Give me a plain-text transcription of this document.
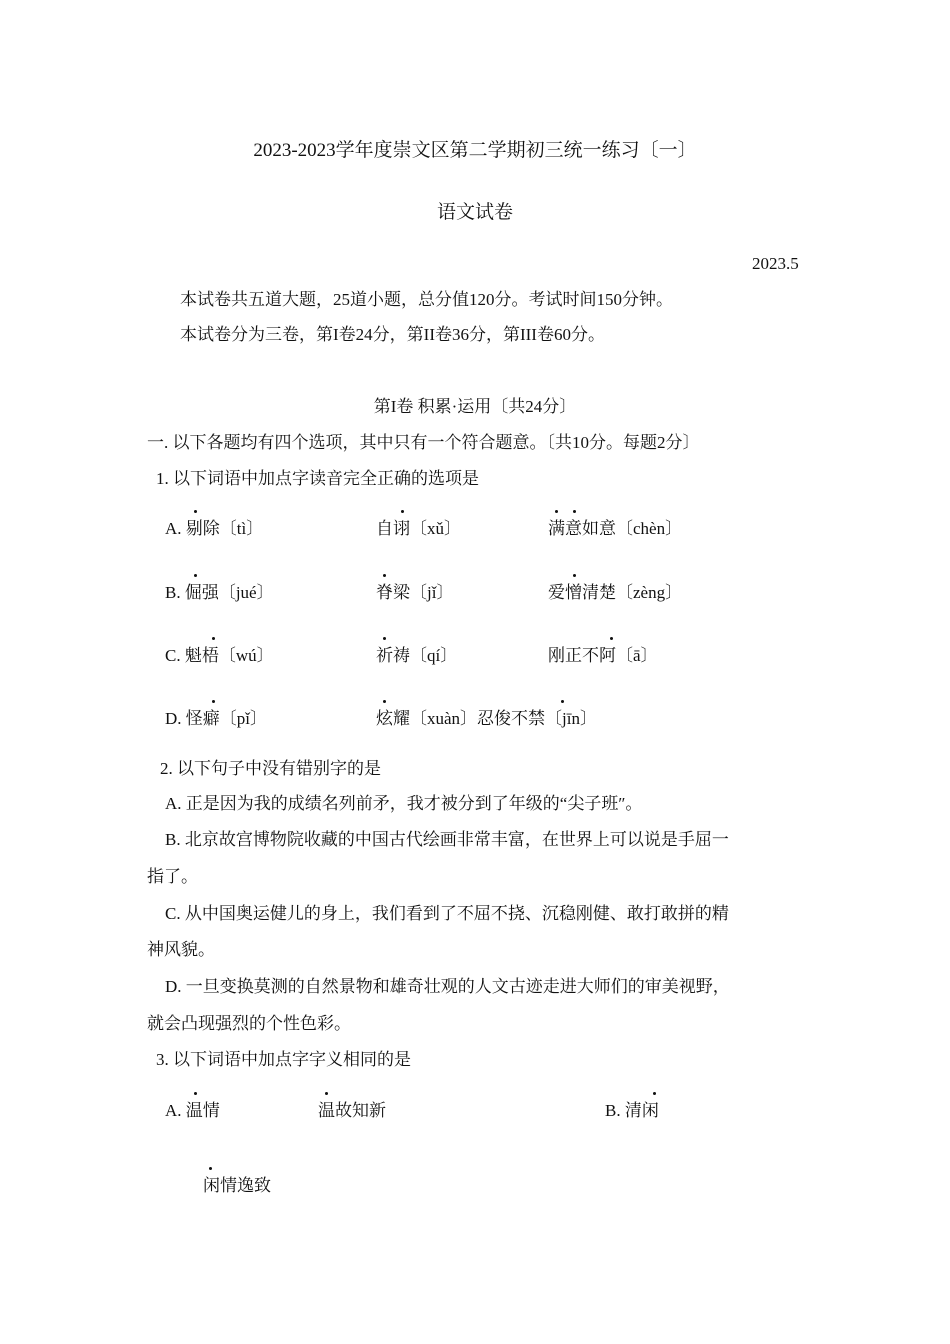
2023-2023学年度崇文区第二学期初三统一练习〔一〕
语文试卷
2023.5
本试卷共五道大题，25道小题，总分值120分。考试时间150分钟。
本试卷分为三卷，第I卷24分，第II卷36分，第III卷60分。
第I卷 积累·运用〔共24分〕
一. 以下各题均有四个选项，其中只有一个符合题意。〔共10分。每题2分〕
1. 以下词语中加点字读音完全正确的选项是
A. 剔除〔tì〕	自诩〔xǔ〕	满意如意〔chèn〕
B. 倔强〔jué〕	脊梁〔jǐ〕	爱憎清楚〔zèng〕
C. 魁梧〔wú〕	祈祷〔qí〕	刚正不阿〔ā〕
D. 怪癖〔pǐ〕	炫耀〔xuàn〕忍俊不禁〔jīn〕
2. 以下句子中没有错别字的是
A. 正是因为我的成绩名列前矛，我才被分到了年级的“尖子班″。
B. 北京故宫博物院收藏的中国古代绘画非常丰富，在世界上可以说是手屈一
指了。
C. 从中国奥运健儿的身上，我们看到了不屈不挠、沉稳刚健、敢打敢拼的精
神风貌。
D. 一旦变换莫测的自然景物和雄奇壮观的人文古迹走进大师们的审美视野，
就会凸现强烈的个性色彩。
3. 以下词语中加点字字义相同的是
A. 温情	温故知新	B. 清闲
闲情逸致
